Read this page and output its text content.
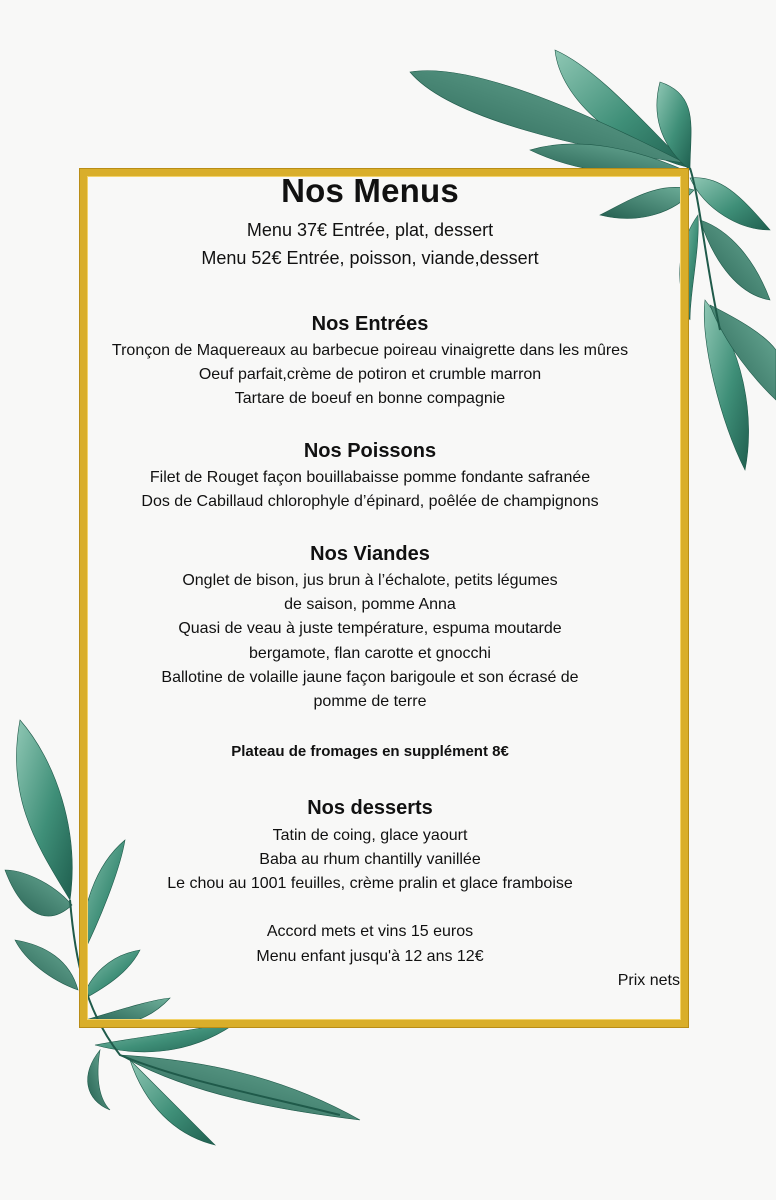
Nos Menus
Menu 37€ Entrée, plat, dessert
Menu 52€ Entrée, poisson, viande,dessert
Nos Entrées
Tronçon de Maquereaux au barbecue poireau vinaigrette dans les mûres
Oeuf parfait,crème de potiron et crumble marron
Tartare de boeuf en bonne compagnie
Nos Poissons
Filet de Rouget façon bouillabaisse pomme fondante safranée
Dos de Cabillaud chlorophyle d’épinard, poêlée de champignons
Nos Viandes
Onglet de bison, jus brun à l’échalote, petits légumes
de saison, pomme Anna
Quasi de veau à juste température, espuma moutarde
bergamote, flan carotte et gnocchi
Ballotine de volaille jaune façon barigoule et son écrasé de
pomme de terre
Plateau de fromages en supplément 8€
Nos desserts
Tatin de coing, glace yaourt
Baba au rhum chantilly vanillée
Le chou au 1001 feuilles, crème pralin et glace framboise
Accord mets et vins 15 euros
Menu enfant jusqu'à 12 ans 12€
Prix nets
